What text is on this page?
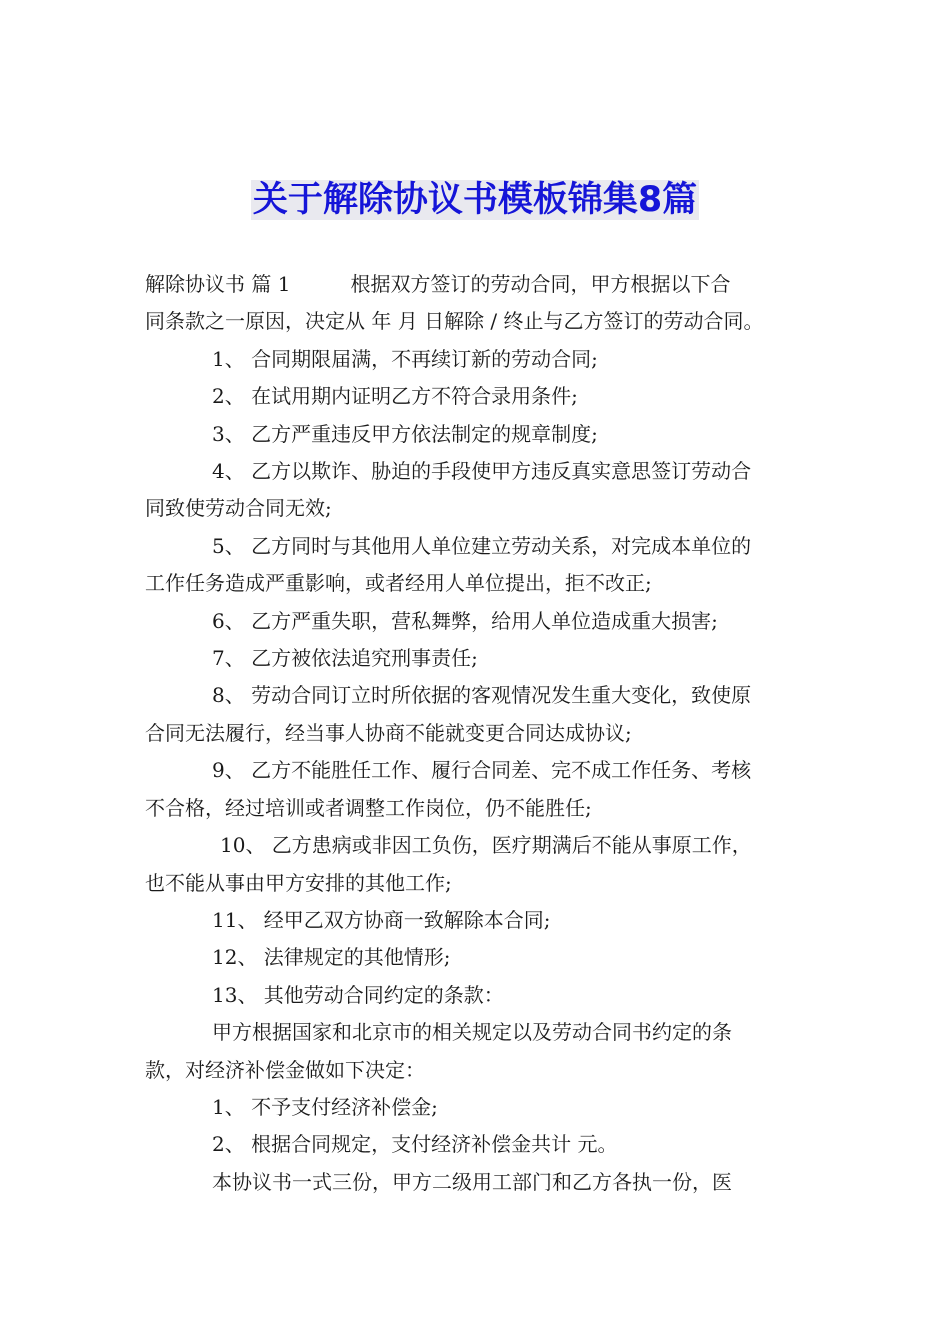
关于解除协议书模板锦集8篇

解除协议书 篇 1	根据双方签订的劳动合同，甲方根据以下合

同条款之一原因，决定从 年 月 日解除 / 终止与乙方签订的劳动合同。

1、 合同期限届满，不再续订新的劳动合同;

2、 在试用期内证明乙方不符合录用条件;

3、 乙方严重违反甲方依法制定的规章制度;

4、 乙方以欺诈、胁迫的手段使甲方违反真实意思签订劳动合

同致使劳动合同无效;

5、 乙方同时与其他用人单位建立劳动关系，对完成本单位的

工作任务造成严重影响，或者经用人单位提出，拒不改正;

6、 乙方严重失职，营私舞弊，给用人单位造成重大损害;

7、 乙方被依法追究刑事责任;

8、 劳动合同订立时所依据的客观情况发生重大变化，致使原

合同无法履行，经当事人协商不能就变更合同达成协议;

9、 乙方不能胜任工作、履行合同差、完不成工作任务、考核

不合格，经过培训或者调整工作岗位，仍不能胜任;

10、 乙方患病或非因工负伤，医疗期满后不能从事原工作，

也不能从事由甲方安排的其他工作;

11、 经甲乙双方协商一致解除本合同;

12、 法律规定的其他情形;

13、 其他劳动合同约定的条款：

甲方根据国家和北京市的相关规定以及劳动合同书约定的条

款，对经济补偿金做如下决定：

1、 不予支付经济补偿金;

2、 根据合同规定，支付经济补偿金共计 元。

本协议书一式三份，甲方二级用工部门和乙方各执一份，医
